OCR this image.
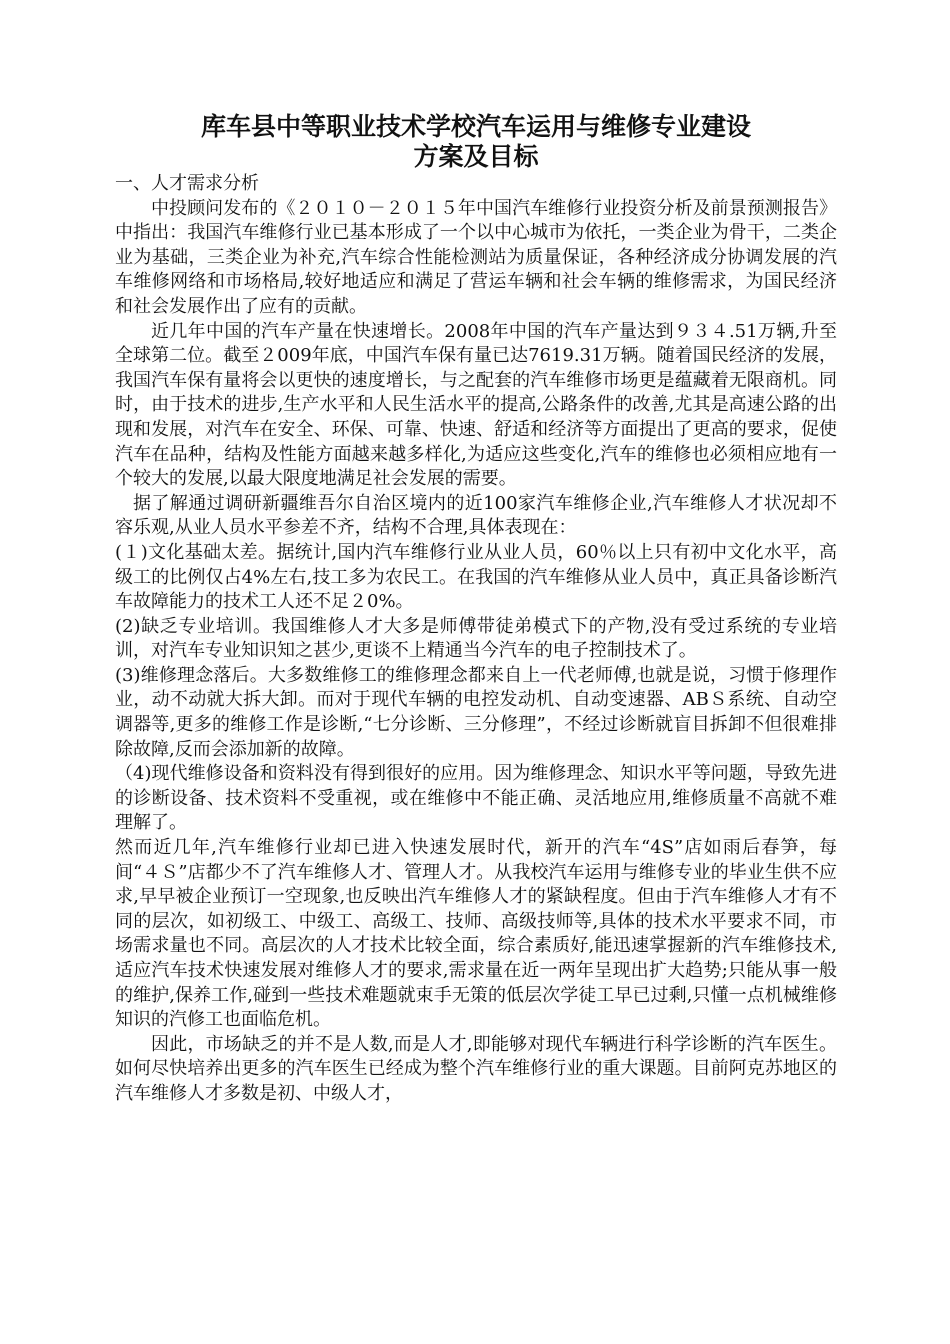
库车县中等职业技术学校汽车运用与维修专业建设
方案及目标

一、人才需求分析

中投顾问发布的《２０１０－２０１５年中国汽车维修行业投资分析及前景预测报告》中指出：我国汽车维修行业已基本形成了一个以中心城市为依托，一类企业为骨干，二类企业为基础，三类企业为补充,汽车综合性能检测站为质量保证，各种经济成分协调发展的汽车维修网络和市场格局,较好地适应和满足了营运车辆和社会车辆的维修需求，为国民经济和社会发展作出了应有的贡献。

近几年中国的汽车产量在快速增长。2008年中国的汽车产量达到９３４.51万辆,升至全球第二位。截至２009年底，中国汽车保有量已达7619.31万辆。随着国民经济的发展，我国汽车保有量将会以更快的速度增长，与之配套的汽车维修市场更是蕴藏着无限商机。同时，由于技术的进步,生产水平和人民生活水平的提高,公路条件的改善,尤其是高速公路的出现和发展，对汽车在安全、环保、可靠、快速、舒适和经济等方面提出了更高的要求，促使汽车在品种，结构及性能方面越来越多样化,为适应这些变化,汽车的维修也必须相应地有一个较大的发展,以最大限度地满足社会发展的需要。

据了解通过调研新疆维吾尔自治区境内的近100家汽车维修企业,汽车维修人才状况却不容乐观,从业人员水平参差不齐，结构不合理,具体表现在：

(１)文化基础太差。据统计,国内汽车维修行业从业人员，60％以上只有初中文化水平，高级工的比例仅占4%左右,技工多为农民工。在我国的汽车维修从业人员中，真正具备诊断汽车故障能力的技术工人还不足２0%。

(2)缺乏专业培训。我国维修人才大多是师傅带徒弟模式下的产物,没有受过系统的专业培训，对汽车专业知识知之甚少,更谈不上精通当今汽车的电子控制技术了。

(3)维修理念落后。大多数维修工的维修理念都来自上一代老师傅,也就是说，习惯于修理作业，动不动就大拆大卸。而对于现代车辆的电控发动机、自动变速器、ABＳ系统、自动空调器等,更多的维修工作是诊断,“七分诊断、三分修理”，不经过诊断就盲目拆卸不但很难排除故障,反而会添加新的故障。

（4)现代维修设备和资料没有得到很好的应用。因为维修理念、知识水平等问题，导致先进的诊断设备、技术资料不受重视，或在维修中不能正确、灵活地应用,维修质量不高就不难理解了。

然而近几年,汽车维修行业却已进入快速发展时代，新开的汽车“4S”店如雨后春笋，每间“４Ｓ”店都少不了汽车维修人才、管理人才。从我校汽车运用与维修专业的毕业生供不应求,早早被企业预订一空现象,也反映出汽车维修人才的紧缺程度。但由于汽车维修人才有不同的层次，如初级工、中级工、高级工、技师、高级技师等,具体的技术水平要求不同，市场需求量也不同。高层次的人才技术比较全面，综合素质好,能迅速掌握新的汽车维修技术,适应汽车技术快速发展对维修人才的要求,需求量在近一两年呈现出扩大趋势;只能从事一般的维护,保养工作,碰到一些技术难题就束手无策的低层次学徒工早已过剩,只懂一点机械维修知识的汽修工也面临危机。

因此，市场缺乏的并不是人数,而是人才,即能够对现代车辆进行科学诊断的汽车医生。如何尽快培养出更多的汽车医生已经成为整个汽车维修行业的重大课题。目前阿克苏地区的汽车维修人才多数是初、中级人才，
